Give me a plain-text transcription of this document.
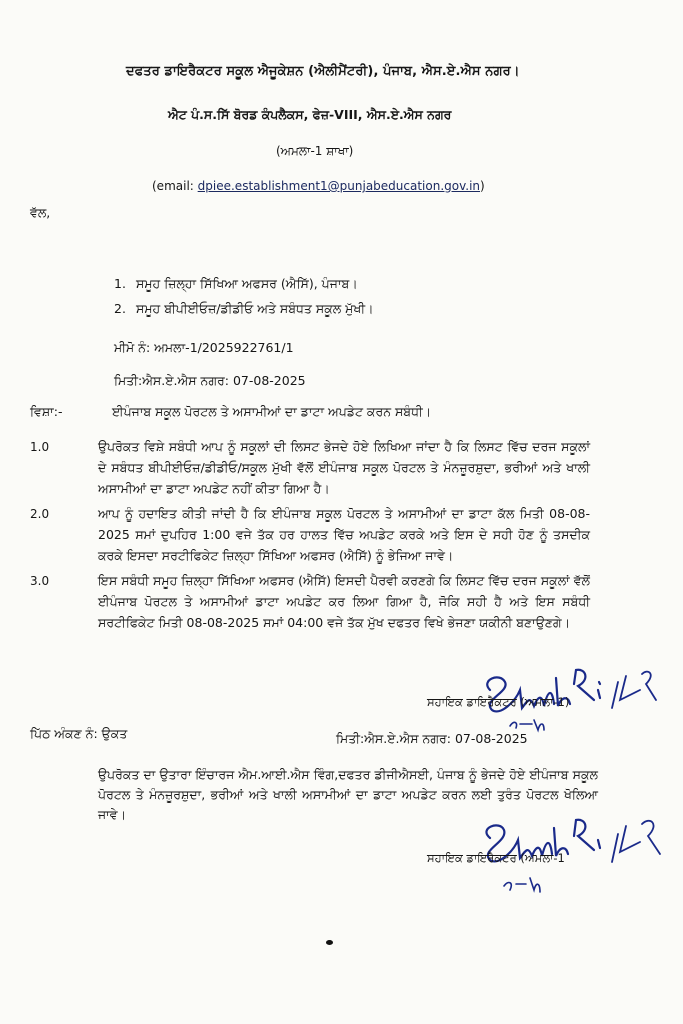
ਦਫਤਰ ਡਾਇਰੈਕਟਰ ਸਕੂਲ ਐਜੂਕੇਸ਼ਨ (ਐਲੀਮੈਂਟਰੀ), ਪੰਜਾਬ, ਐਸ.ਏ.ਐਸ ਨਗਰ।
ਐਟ ਪੰ.ਸ.ਸਿੱ ਬੋਰਡ ਕੰਪਲੈਕਸ, ਫੇਜ਼-VIII, ਐਸ.ਏ.ਐਸ ਨਗਰ
(ਅਮਲਾ-1 ਸ਼ਾਖਾ)
(email: dpiee.establishment1@punjabeducation.gov.in)
ਵੱਲ,
1. ਸਮੂਹ ਜ਼ਿਲ੍ਹਾ ਸਿੱਖਿਆ ਅਫਸਰ (ਐਸਿੱ), ਪੰਜਾਬ।
2. ਸਮੂਹ ਬੀਪੀਈਓਜ਼/ਡੀਡੀਓ ਅਤੇ ਸਬੰਧਤ ਸਕੂਲ ਮੁੱਖੀ।
ਮੀਮੋ ਨੰ: ਅਮਲਾ-1/2025922761/1
ਮਿਤੀ:ਐਸ.ਏ.ਐਸ ਨਗਰ: 07-08-2025
ਵਿਸ਼ਾ:-	ਈਪੰਜਾਬ ਸਕੂਲ ਪੋਰਟਲ ਤੇ ਅਸਾਮੀਆਂ ਦਾ ਡਾਟਾ ਅਪਡੇਟ ਕਰਨ ਸਬੰਧੀ।
1.0	ਉਪਰੋਕਤ ਵਿਸ਼ੇ ਸਬੰਧੀ ਆਪ ਨੂੰ ਸਕੂਲਾਂ ਦੀ ਲਿਸਟ ਭੇਜਦੇ ਹੋਏ ਲਿਖਿਆ ਜਾਂਦਾ ਹੈ ਕਿ ਲਿਸਟ ਵਿੱਚ ਦਰਜ ਸਕੂਲਾਂ ਦੇ ਸਬੰਧਤ ਬੀਪੀਈਓਜ਼/ਡੀਡੀਓ/ਸਕੂਲ ਮੁੱਖੀ ਵੱਲੋਂ ਈਪੰਜਾਬ ਸਕੂਲ ਪੋਰਟਲ ਤੇ ਮੰਨਜ਼ੂਰਸ਼ੁਦਾ, ਭਰੀਆਂ ਅਤੇ ਖਾਲੀ ਅਸਾਮੀਆਂ ਦਾ ਡਾਟਾ ਅਪਡੇਟ ਨਹੀਂ ਕੀਤਾ ਗਿਆ ਹੈ।
2.0	ਆਪ ਨੂੰ ਹਦਾਇਤ ਕੀਤੀ ਜਾਂਦੀ ਹੈ ਕਿ ਈਪੰਜਾਬ ਸਕੂਲ ਪੋਰਟਲ ਤੇ ਅਸਾਮੀਆਂ ਦਾ ਡਾਟਾ ਕੱਲ ਮਿਤੀ 08-08-2025 ਸਮਾਂ ਦੁਪਹਿਰ 1:00 ਵਜੇ ਤੱਕ ਹਰ ਹਾਲਤ ਵਿੱਚ ਅਪਡੇਟ ਕਰਕੇ ਅਤੇ ਇਸ ਦੇ ਸਹੀ ਹੋਣ ਨੂੰ ਤਸਦੀਕ ਕਰਕੇ ਇਸਦਾ ਸਰਟੀਫਿਕੇਟ ਜ਼ਿਲ੍ਹਾ ਸਿੱਖਿਆ ਅਫਸਰ (ਐਸਿੱ) ਨੂੰ ਭੇਜਿਆ ਜਾਵੇ।
3.0	ਇਸ ਸਬੰਧੀ ਸਮੂਹ ਜ਼ਿਲ੍ਹਾ ਸਿੱਖਿਆ ਅਫਸਰ (ਐਸਿੱ) ਇਸਦੀ ਪੈਰਵੀ ਕਰਣਗੇ ਕਿ ਲਿਸਟ ਵਿੱਚ ਦਰਜ ਸਕੂਲਾਂ ਵੱਲੋਂ ਈਪੰਜਾਬ ਪੋਰਟਲ ਤੇ ਅਸਾਮੀਆਂ ਡਾਟਾ ਅਪਡੇਟ ਕਰ ਲਿਆ ਗਿਆ ਹੈ, ਜੋਕਿ ਸਹੀ ਹੈ ਅਤੇ ਇਸ ਸਬੰਧੀ ਸਰਟੀਫਿਕੇਟ ਮਿਤੀ 08-08-2025 ਸਮਾਂ 04:00 ਵਜੇ ਤੱਕ ਮੁੱਖ ਦਫਤਰ ਵਿਖੇ ਭੇਜਣਾ ਯਕੀਨੀ ਬਣਾਉਣਗੇ।
ਸਹਾਇਕ ਡਾਇਰੈਕਟਰ (ਅਮਲਾ-1)
ਪਿੱਠ ਅੰਕਣ ਨੰ: ਉਕਤ	ਮਿਤੀ:ਐਸ.ਏ.ਐਸ ਨਗਰ: 07-08-2025
ਉਪਰੋਕਤ ਦਾ ਉਤਾਰਾ ਇੰਚਾਰਜ ਐਮ.ਆਈ.ਐਸ ਵਿੰਗ,ਦਫਤਰ ਡੀਜੀਐਸਈ, ਪੰਜਾਬ ਨੂੰ ਭੇਜਦੇ ਹੋਏ ਈਪੰਜਾਬ ਸਕੂਲ ਪੋਰਟਲ ਤੇ ਮੰਨਜ਼ੂਰਸ਼ੁਦਾ, ਭਰੀਆਂ ਅਤੇ ਖਾਲੀ ਅਸਾਮੀਆਂ ਦਾ ਡਾਟਾ ਅਪਡੇਟ ਕਰਨ ਲਈ ਤੁਰੰਤ ਪੋਰਟਲ ਖੋਲਿਆ ਜਾਵੇ।
ਸਹਾਇਕ ਡਾਇਰੈਕਟਰ (ਅਮਲਾ-1
